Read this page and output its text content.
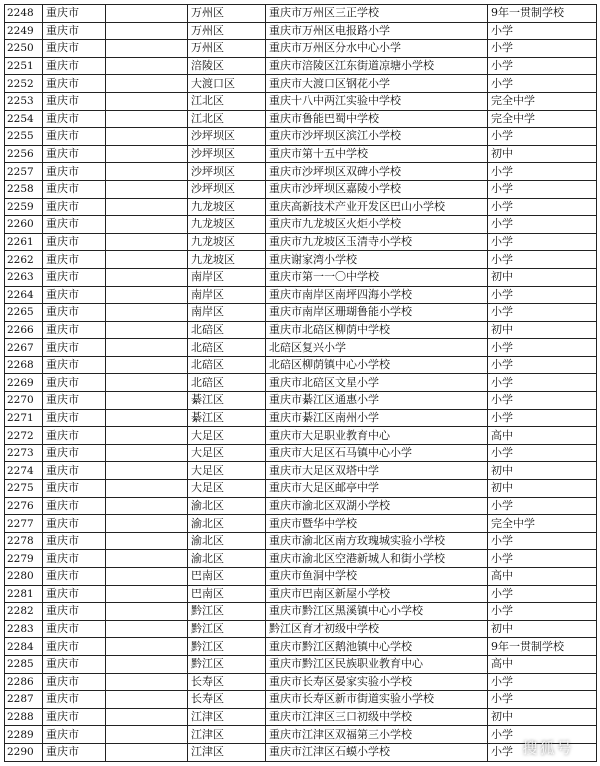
2248	重庆市		万州区	重庆市万州区三正学校	9年一贯制学校
2249	重庆市		万州区	重庆市万州区电报路小学	小学
2250	重庆市		万州区	重庆市万州区分水中心小学	小学
2251	重庆市		涪陵区	重庆市涪陵区江东街道凉塘小学校	小学
2252	重庆市		大渡口区	重庆市大渡口区钢花小学	小学
2253	重庆市		江北区	重庆十八中两江实验中学校	完全中学
2254	重庆市		江北区	重庆市鲁能巴蜀中学校	完全中学
2255	重庆市		沙坪坝区	重庆市沙坪坝区滨江小学校	小学
2256	重庆市		沙坪坝区	重庆市第十五中学校	初中
2257	重庆市		沙坪坝区	重庆市沙坪坝区双碑小学校	小学
2258	重庆市		沙坪坝区	重庆市沙坪坝区嘉陵小学校	小学
2259	重庆市		九龙坡区	重庆高新技术产业开发区巴山小学校	小学
2260	重庆市		九龙坡区	重庆市九龙坡区火炬小学校	小学
2261	重庆市		九龙坡区	重庆市九龙坡区玉清寺小学校	小学
2262	重庆市		九龙坡区	重庆谢家湾小学校	小学
2263	重庆市		南岸区	重庆市第一一〇中学校	初中
2264	重庆市		南岸区	重庆市南岸区南坪四海小学校	小学
2265	重庆市		南岸区	重庆市南岸区珊瑚鲁能小学校	小学
2266	重庆市		北碚区	重庆市北碚区柳荫中学校	初中
2267	重庆市		北碚区	北碚区复兴小学	小学
2268	重庆市		北碚区	北碚区柳荫镇中心小学校	小学
2269	重庆市		北碚区	重庆市北碚区文星小学	小学
2270	重庆市		綦江区	重庆市綦江区通惠小学	小学
2271	重庆市		綦江区	重庆市綦江区南州小学	小学
2272	重庆市		大足区	重庆市大足职业教育中心	高中
2273	重庆市		大足区	重庆市大足区石马镇中心小学	小学
2274	重庆市		大足区	重庆市大足区双塔中学	初中
2275	重庆市		大足区	重庆市大足区邮亭中学	初中
2276	重庆市		渝北区	重庆市渝北区双湖小学校	小学
2277	重庆市		渝北区	重庆市暨华中学校	完全中学
2278	重庆市		渝北区	重庆市渝北区南方玫瑰城实验小学校	小学
2279	重庆市		渝北区	重庆市渝北区空港新城人和街小学校	小学
2280	重庆市		巴南区	重庆市鱼洞中学校	高中
2281	重庆市		巴南区	重庆市巴南区新屋小学校	小学
2282	重庆市		黔江区	重庆市黔江区黑溪镇中心小学校	小学
2283	重庆市		黔江区	黔江区育才初级中学校	初中
2284	重庆市		黔江区	重庆市黔江区鹅池镇中心学校	9年一贯制学校
2285	重庆市		黔江区	重庆市黔江区民族职业教育中心	高中
2286	重庆市		长寿区	重庆市长寿区晏家实验小学校	小学
2287	重庆市		长寿区	重庆市长寿区新市街道实验小学校	小学
2288	重庆市		江津区	重庆市江津区三口初级中学校	初中
2289	重庆市		江津区	重庆市江津区双福第三小学校	小学
2290	重庆市		江津区	重庆市江津区石蟆小学校	小学 搜狐号
